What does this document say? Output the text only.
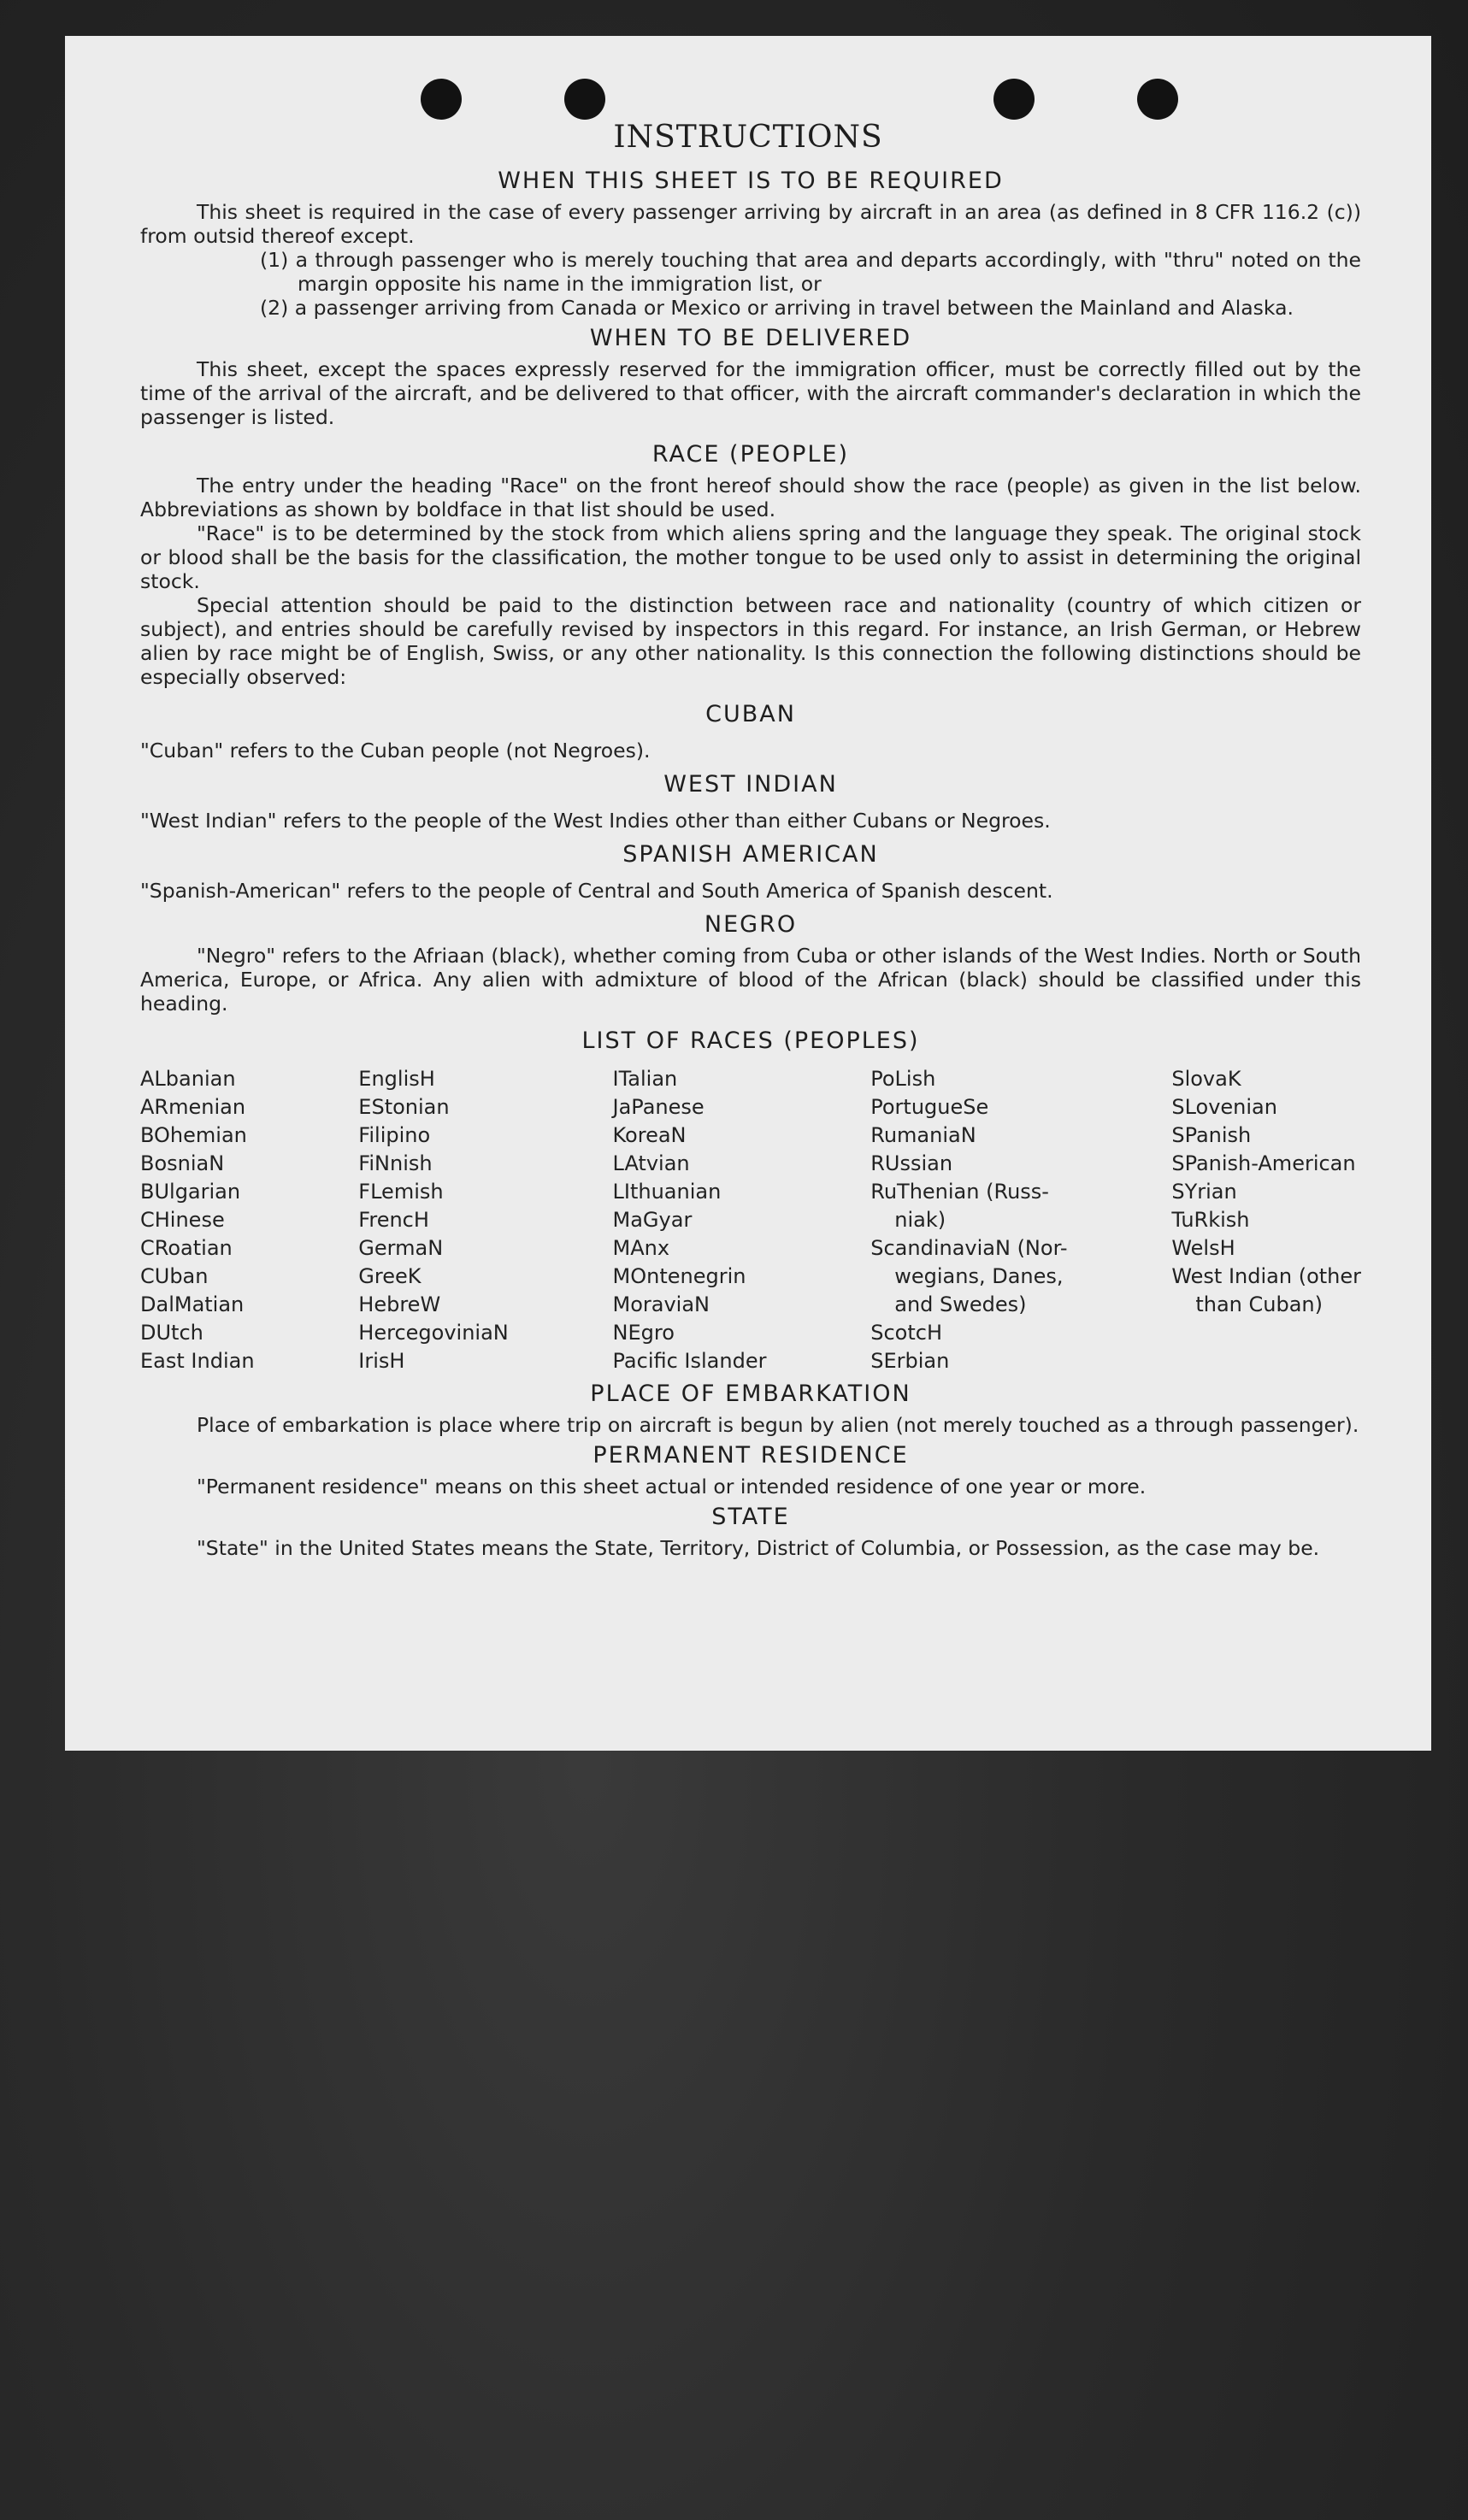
INSTRUCTIONS
WHEN THIS SHEET IS TO BE REQUIRED

This sheet is required in the case of every passenger arriving by aircraft in an area (as defined in 8 CFR 116.2 (c)) from outsid thereof except.

(1) a through passenger who is merely touching that area and departs accordingly, with "thru" noted on the margin opposite his name in the immigration list, or

(2) a passenger arriving from Canada or Mexico or arriving in travel between the Mainland and Alaska.

WHEN TO BE DELIVERED

This sheet, except the spaces expressly reserved for the immigration officer, must be correctly filled out by the time of the arrival of the aircraft, and be delivered to that officer, with the aircraft commander's declaration in which the passenger is listed.

RACE (PEOPLE)

The entry under the heading "Race" on the front hereof should show the race (people) as given in the list below. Abbreviations as shown by boldface in that list should be used.

"Race" is to be determined by the stock from which aliens spring and the language they speak. The original stock or blood shall be the basis for the classification, the mother tongue to be used only to assist in determining the original stock.

Special attention should be paid to the distinction between race and nationality (country of which citizen or subject), and entries should be carefully revised by inspectors in this regard. For instance, an Irish German, or Hebrew alien by race might be of English, Swiss, or any other nationality. Is this connection the following distinctions should be especially observed:

CUBAN

"Cuban" refers to the Cuban people (not Negroes).

WEST INDIAN

"West Indian" refers to the people of the West Indies other than either Cubans or Negroes.

SPANISH AMERICAN

"Spanish-American" refers to the people of Central and South America of Spanish descent.

NEGRO

"Negro" refers to the Afriaan (black), whether coming from Cuba or other islands of the West Indies. North or South America, Europe, or Africa. Any alien with admixture of blood of the African (black) should be classified under this heading.

LIST OF RACES (PEOPLES)
ALbanian
ARmenian
BOhemian
BosniaN
BUlgarian
CHinese
CRoatian
CUban
DalMatian
DUtch
East Indian
EnglisH
EStonian
Filipino
FiNnish
FLemish
FrencH
GermaN
GreeK
HebreW
HercegoviniaN
IrisH
ITalian
JaPanese
KoreaN
LAtvian
LIthuanian
MaGyar
MAnx
MOntenegrin
MoraviaN
NEgro
Pacific Islander
PoLish
PortugueSe
RumaniaN
RUssian
RuThenian (Russ-
niak)
ScandinaviaN (Nor-
wegians, Danes,
and Swedes)
ScotcH
SErbian
SlovaK
SLovenian
SPanish
SPanish-American
SYrian
TuRkish
WelsH
West Indian (other
than Cuban)
PLACE OF EMBARKATION

Place of embarkation is place where trip on aircraft is begun by alien (not merely touched as a through passenger).

PERMANENT RESIDENCE

"Permanent residence" means on this sheet actual or intended residence of one year or more.

STATE

"State" in the United States means the State, Territory, District of Columbia, or Possession, as the case may be.
